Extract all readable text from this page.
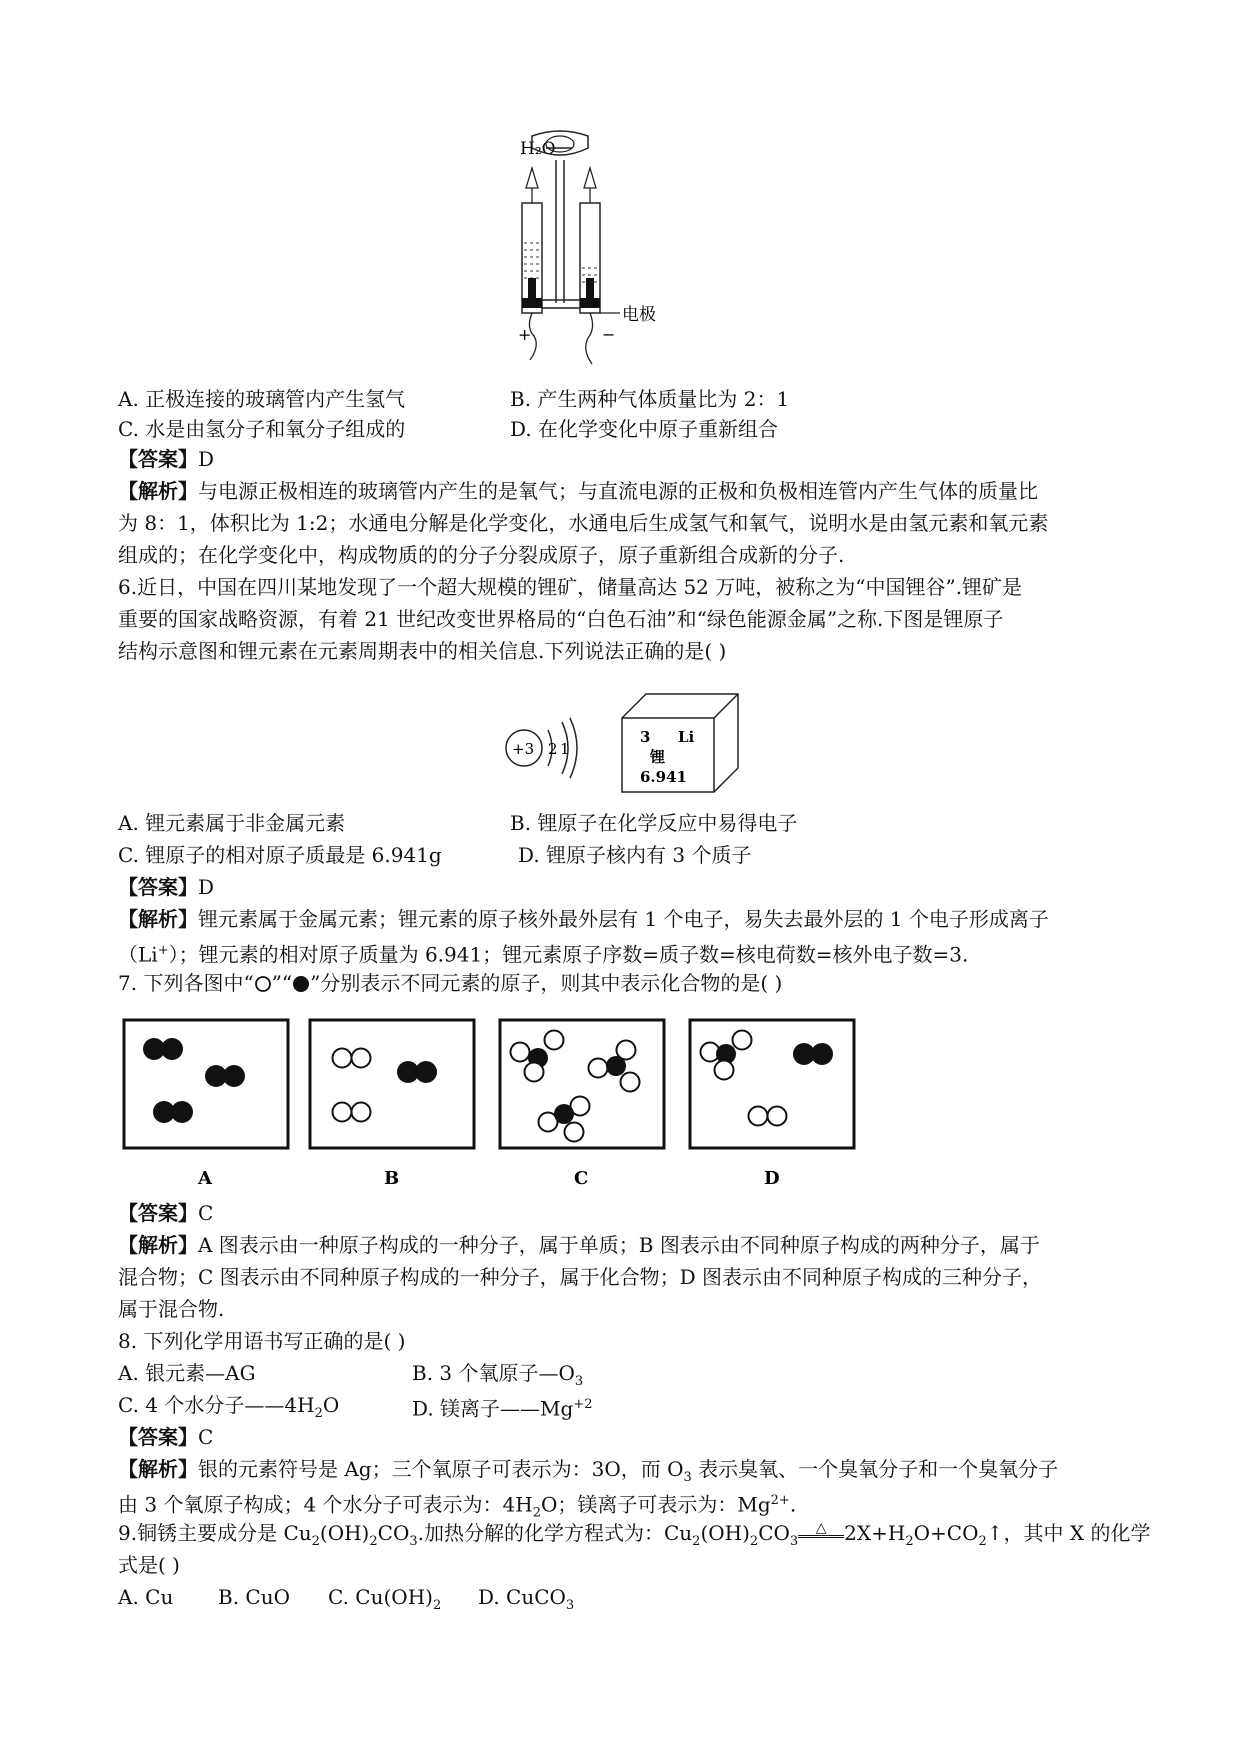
H₂O
+	−
电极
A. 正极连接的玻璃管内产生氢气	B. 产生两种气体质量比为 2：1
C. 水是由氢分子和氧分子组成的	D. 在化学变化中原子重新组合
【答案】D
【解析】与电源正极相连的玻璃管内产生的是氧气；与直流电源的正极和负极相连管内产生气体的质量比
为 8：1，体积比为 1:2；水通电分解是化学变化，水通电后生成氢气和氧气，说明水是由氢元素和氧元素
组成的；在化学变化中，构成物质的的分子分裂成原子，原子重新组合成新的分子.
6.近日，中国在四川某地发现了一个超大规模的锂矿，储量高达 52 万吨，被称之为“中国锂谷”.锂矿是
重要的国家战略资源，有着 21 世纪改变世界格局的“白色石油”和“绿色能源金属”之称.下图是锂原子
结构示意图和锂元素在元素周期表中的相关信息.下列说法正确的是( )
+3 2 1
3 Li
锂
6.941
A. 锂元素属于非金属元素	B. 锂原子在化学反应中易得电子
C. 锂原子的相对原子质最是 6.941g	D. 锂原子核内有 3 个质子
【答案】D
【解析】锂元素属于金属元素；锂元素的原子核外最外层有 1 个电子，易失去最外层的 1 个电子形成离子
（Li+）；锂元素的相对原子质量为 6.941；锂元素原子序数=质子数=核电荷数=核外电子数=3.
7. 下列各图中“ ”“ ”分别表示不同元素的原子，则其中表示化合物的是( )
A	B	C	D
【答案】C
【解析】A 图表示由一种原子构成的一种分子，属于单质；B 图表示由不同种原子构成的两种分子，属于
混合物；C 图表示由不同种原子构成的一种分子，属于化合物；D 图表示由不同种原子构成的三种分子，
属于混合物.
8. 下列化学用语书写正确的是( )
A. 银元素—AG	B. 3 个氧原子$—O_3$
C. 4 个水分子$——4H_2O$	D. 镁离子$——Mg^{+2}$
【答案】C
【解析】银的元素符号是 Ag；三个氧原子可表示为：3O，而 $O_3$ 表示臭氧、一个臭氧分子和一个臭氧分子
由 3 个氧原子构成；4 个水分子可表示为：$4H_2O$；镁离子可表示为：$Mg^{2+}$.
9.铜锈主要成分是 $Cu_2(OH)_2CO_3$.加热分解的化学方程式为：$Cu_2(OH)_2CO_3\triangle$ $2X+H_2O+CO_2↑$，其中 X 的化学
式是( )
A. Cu B. CuO C. $Cu(OH)_2$ D. CuCO$_3$
